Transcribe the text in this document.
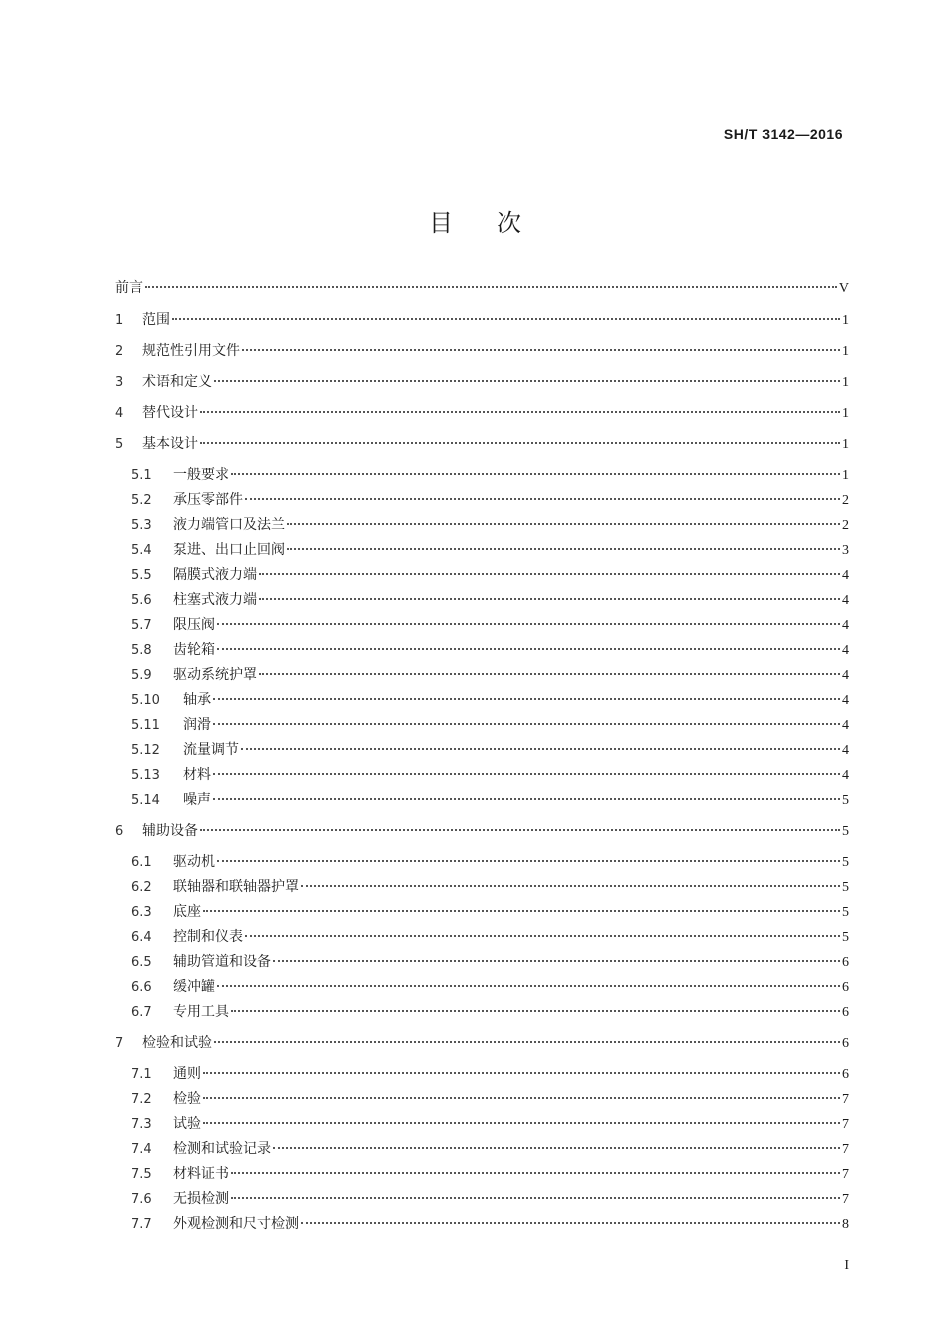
SH/T 3142—2016
目次
前言	V
1	范围	1
2	规范性引用文件	1
3	术语和定义	1
4	替代设计	1
5	基本设计	1
5.1	一般要求	1
5.2	承压零部件	2
5.3	液力端管口及法兰	2
5.4	泵进、出口止回阀	3
5.5	隔膜式液力端	4
5.6	柱塞式液力端	4
5.7	限压阀	4
5.8	齿轮箱	4
5.9	驱动系统护罩	4
5.10	轴承	4
5.11	润滑	4
5.12	流量调节	4
5.13	材料	4
5.14	噪声	5
6	辅助设备	5
6.1	驱动机	5
6.2	联轴器和联轴器护罩	5
6.3	底座	5
6.4	控制和仪表	5
6.5	辅助管道和设备	6
6.6	缓冲罐	6
6.7	专用工具	6
7	检验和试验	6
7.1	通则	6
7.2	检验	7
7.3	试验	7
7.4	检测和试验记录	7
7.5	材料证书	7
7.6	无损检测	7
7.7	外观检测和尺寸检测	8
I
